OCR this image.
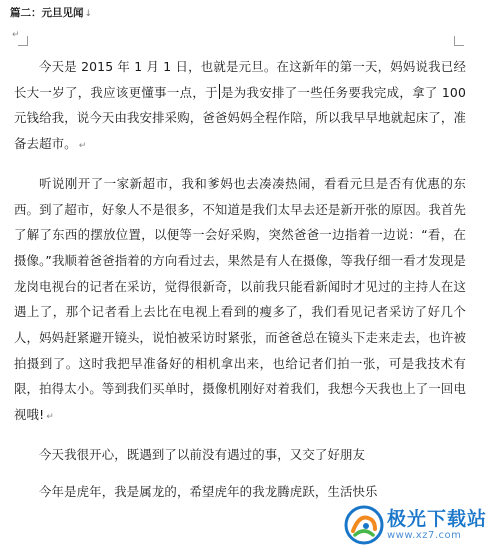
篇二：元旦见闻↓
↵

今天是 2015 年 1 月 1 日，也就是元旦。在这新年的第一天，妈妈说我已经长大一岁了，我应该更懂事一点，于 是为我安排了一些任务要我完成，拿了 100 元钱给我，说今天由我安排采购，爸爸妈妈全程作陪，所以我早早地就起床了，准备去超市。 ↵

听说刚开了一家新超市，我和爹妈也去凑凑热闹，看看元旦是否有优惠的东西。到了超市，好象人不是很多，不知道是我们太早去还是新开张的原因。我首先了解了东西的摆放位置，以便等一会好采购，突然爸爸一边指着一边说：“看，在摄像。”我顺着爸爸指着的方向看过去，果然是有人在摄像，等我仔细一看才发现是龙岗电视台的记者在采访，觉得很新奇，以前我只能看新闻时才见过的主持人在这遇上了，那个记者看上去比在电视上看到的瘦多了，我们看见记者采访了好几个人，妈妈赶紧避开镜头，说怕被采访时紧张，而爸爸总在镜头下走来走去，也许被拍摄到了。这时我把早准备好的相机拿出来，也给记者们拍一张，可是我技术有限，拍得太小。等到我们买单时，摄像机刚好对着我们，我想今天我也上了一回电视哦! ↵

今天我很开心，既遇到了以前没有遇过的事，又交了好朋友

今年是虎年，我是属龙的，希望虎年的我龙腾虎跃，生活快乐

极光下载站
www.xz7.com
